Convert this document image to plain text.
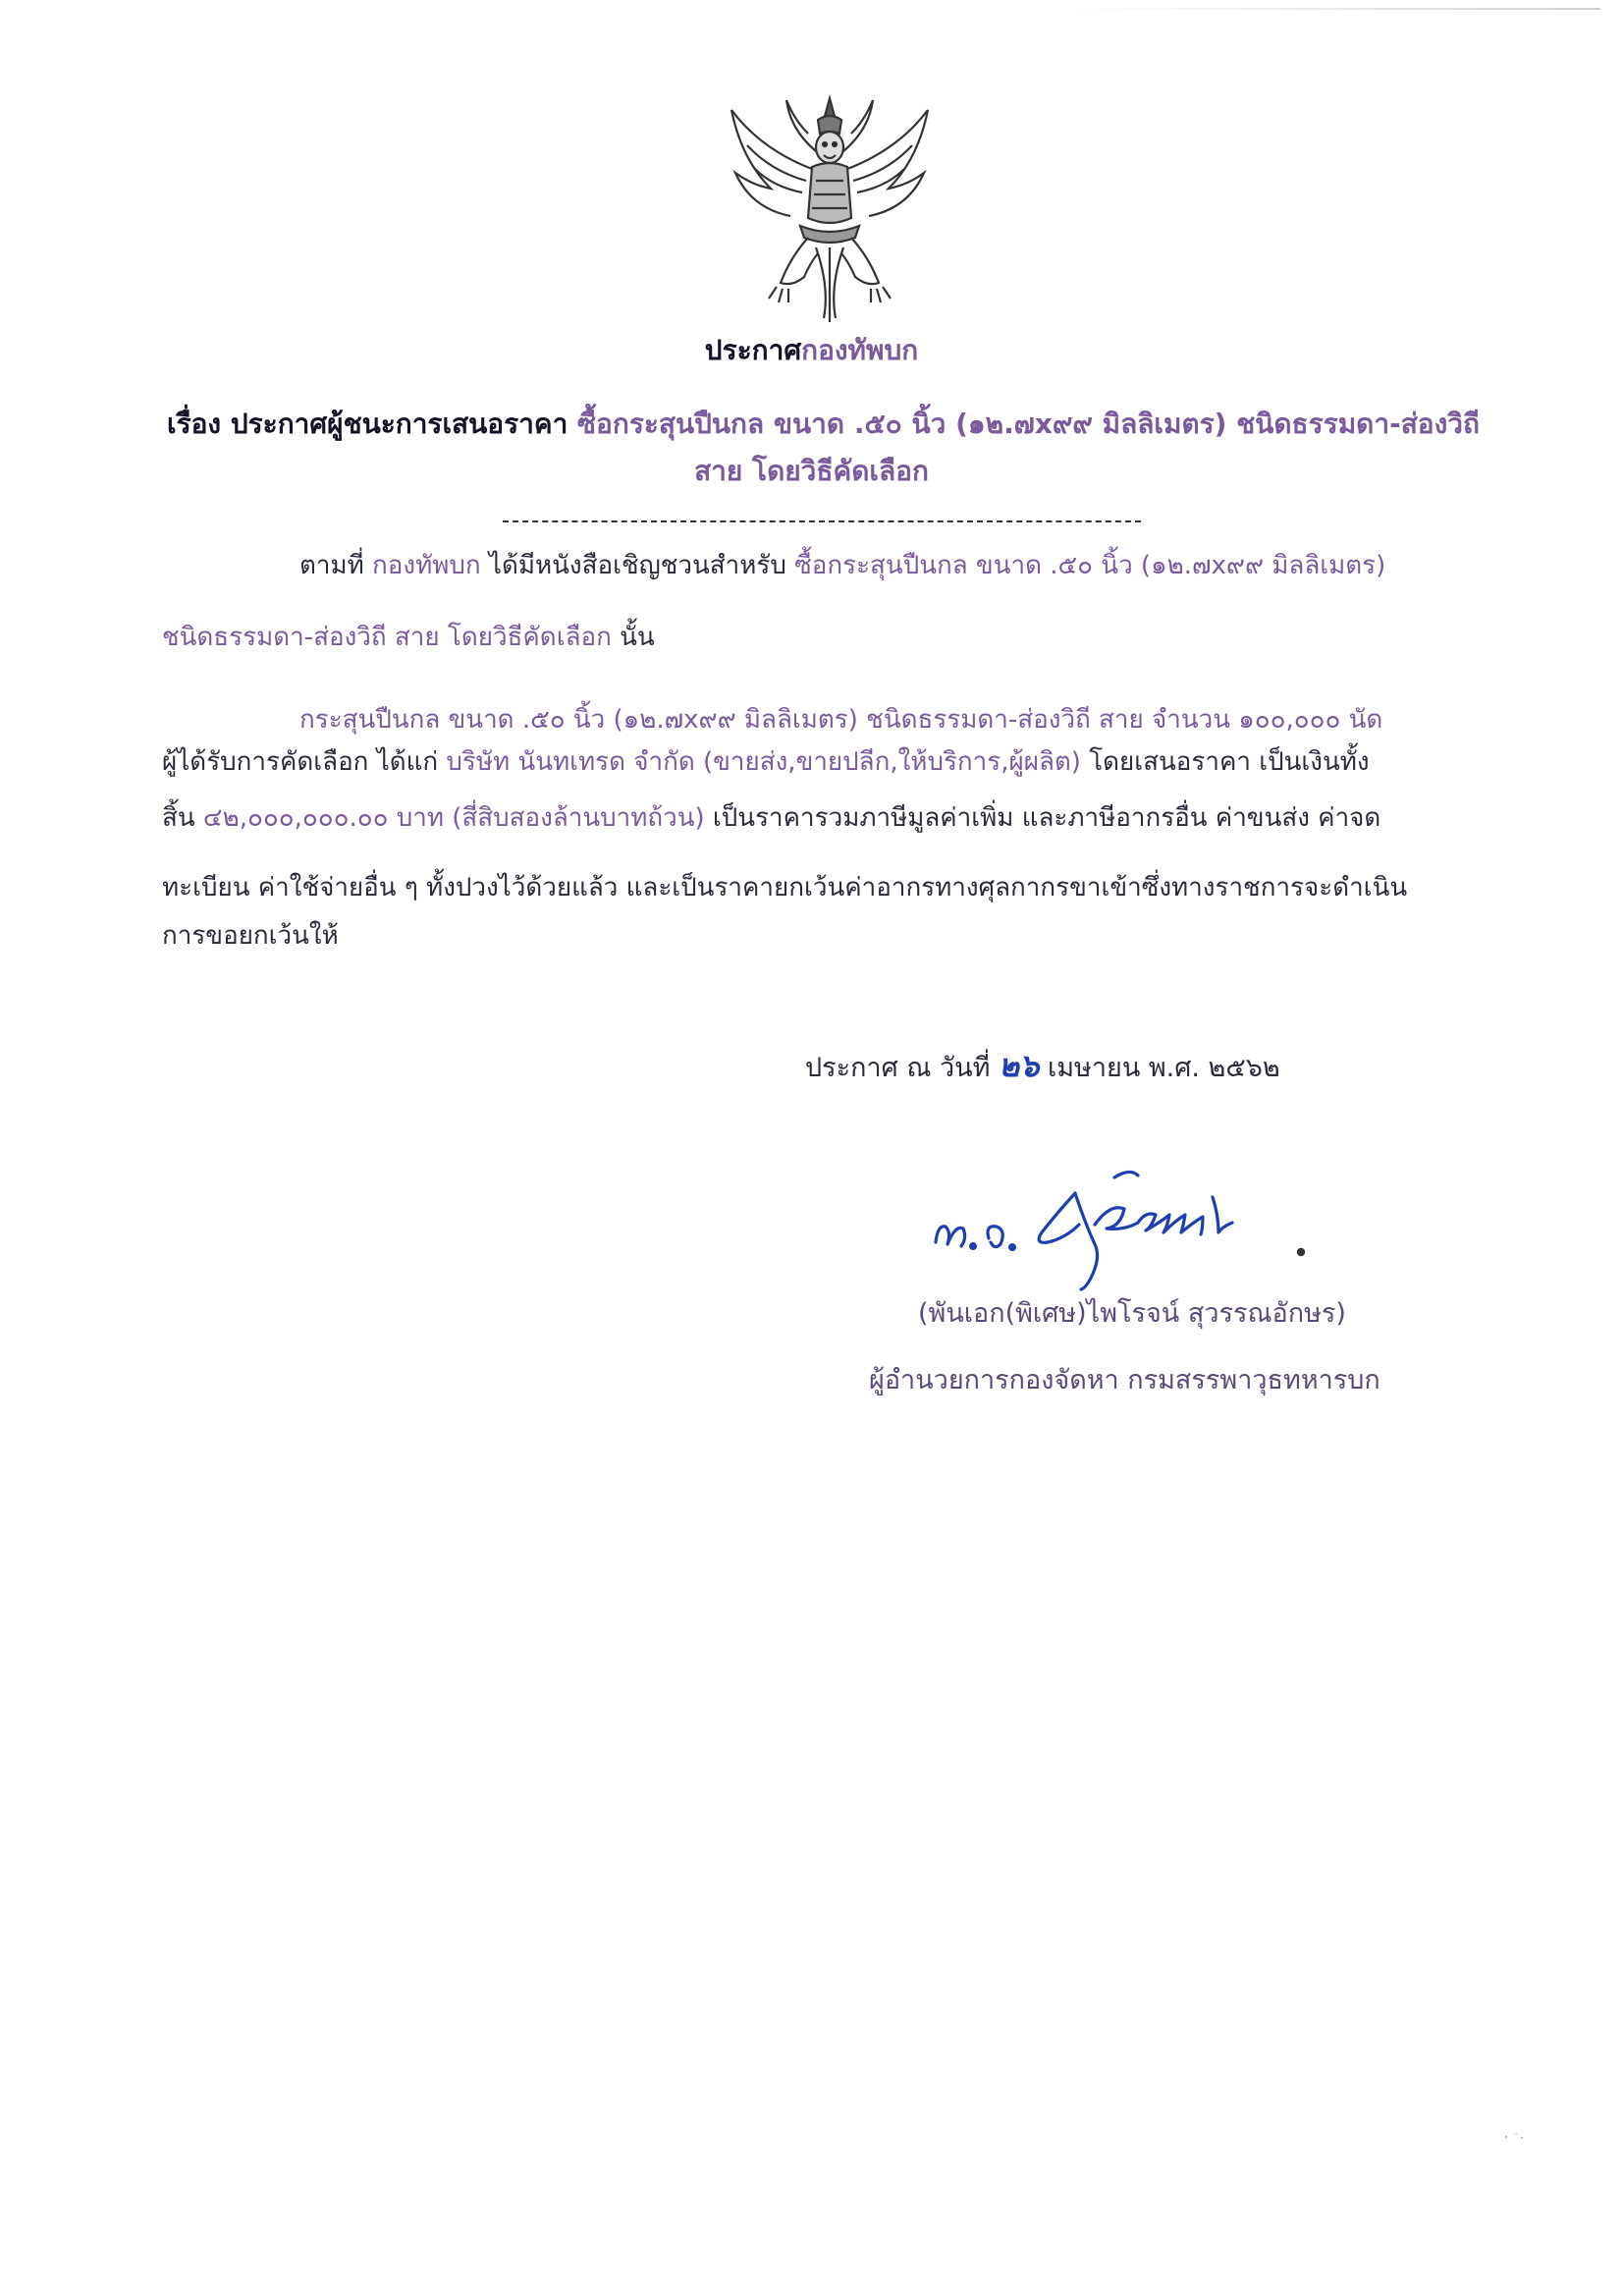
ประกาศกองทัพบก
เรื่อง ประกาศผู้ชนะการเสนอราคา ซื้อกระสุนปืนกล ขนาด .๕๐ นิ้ว (๑๒.๗x๙๙ มิลลิเมตร) ชนิดธรรมดา-ส่องวิถี
สาย โดยวิธีคัดเลือก
ตามที่ กองทัพบก ได้มีหนังสือเชิญชวนสำหรับ ซื้อกระสุนปืนกล ขนาด .๕๐ นิ้ว (๑๒.๗x๙๙ มิลลิเมตร)
ชนิดธรรมดา-ส่องวิถี สาย โดยวิธีคัดเลือก นั้น
กระสุนปืนกล ขนาด .๕๐ นิ้ว (๑๒.๗x๙๙ มิลลิเมตร) ชนิดธรรมดา-ส่องวิถี สาย จำนวน ๑๐๐,๐๐๐ นัด
ผู้ได้รับการคัดเลือก ได้แก่ บริษัท นันทเทรด จำกัด (ขายส่ง,ขายปลีก,ให้บริการ,ผู้ผลิต) โดยเสนอราคา เป็นเงินทั้ง
สิ้น ๔๒,๐๐๐,๐๐๐.๐๐ บาท (สี่สิบสองล้านบาทถ้วน) เป็นราคารวมภาษีมูลค่าเพิ่ม และภาษีอากรอื่น ค่าขนส่ง ค่าจด
ทะเบียน ค่าใช้จ่ายอื่น ๆ ทั้งปวงไว้ด้วยแล้ว และเป็นราคายกเว้นค่าอากรทางศุลกากรขาเข้าซึ่งทางราชการจะดำเนิน
การขอยกเว้นให้
ประกาศ ณ วันที่ ๒๖ เมษายน พ.ศ. ๒๕๖๒
พ.อ.
(พันเอก(พิเศษ)ไพโรจน์ สุวรรณอักษร)
ผู้อำนวยการกองจัดหา กรมสรรพาวุธทหารบก
